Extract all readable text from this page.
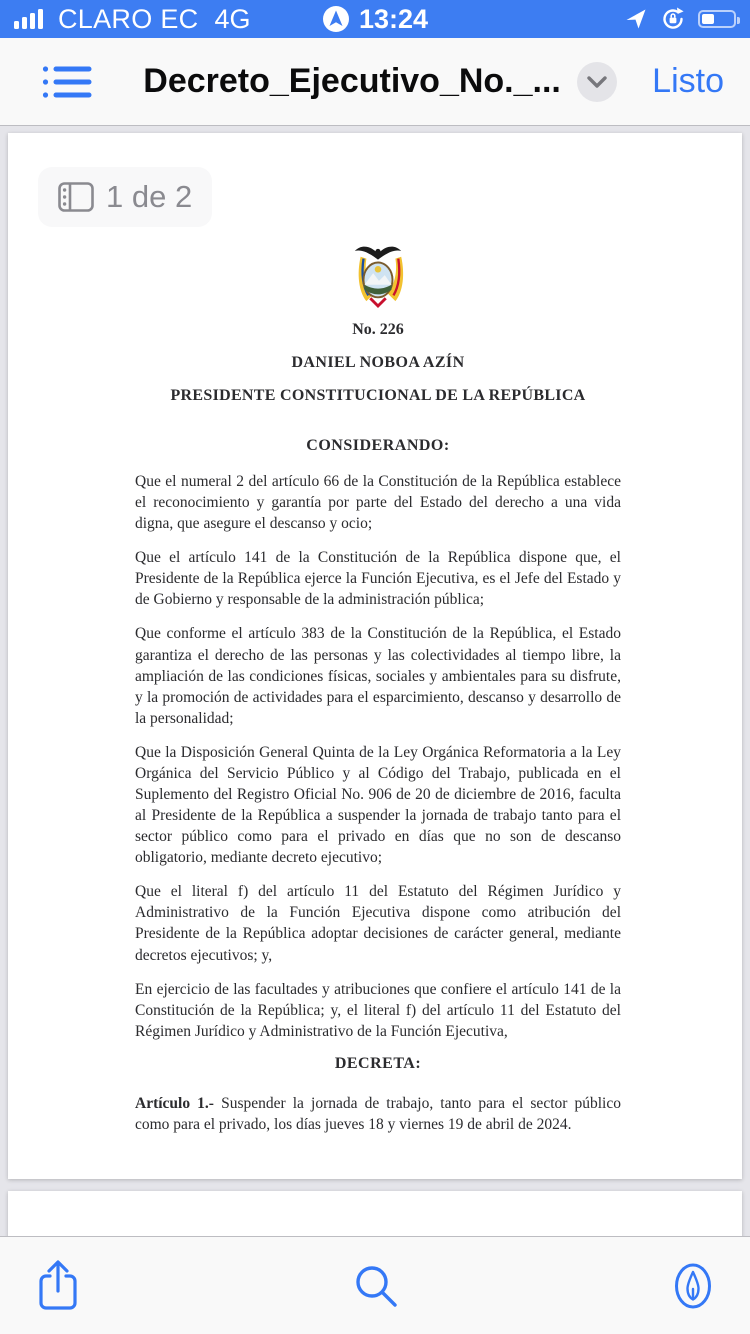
CLARO EC 4G	13:24
Decreto_Ejecutivo_No._...	Listo
1 de 2

No. 226

DANIEL NOBOA AZÍN

PRESIDENTE CONSTITUCIONAL DE LA REPÚBLICA

CONSIDERANDO:

Que el numeral 2 del artículo 66 de la Constitución de la República establece el reconocimiento y garantía por parte del Estado del derecho a una vida digna, que asegure el descanso y ocio;

Que el artículo 141 de la Constitución de la República dispone que, el Presidente de la República ejerce la Función Ejecutiva, es el Jefe del Estado y de Gobierno y responsable de la administración pública;

Que conforme el artículo 383 de la Constitución de la República, el Estado garantiza el derecho de las personas y las colectividades al tiempo libre, la ampliación de las condiciones físicas, sociales y ambientales para su disfrute, y la promoción de actividades para el esparcimiento, descanso y desarrollo de la personalidad;

Que la Disposición General Quinta de la Ley Orgánica Reformatoria a la Ley Orgánica del Servicio Público y al Código del Trabajo, publicada en el Suplemento del Registro Oficial No. 906 de 20 de diciembre de 2016, faculta al Presidente de la República a suspender la jornada de trabajo tanto para el sector público como para el privado en días que no son de descanso obligatorio, mediante decreto ejecutivo;

Que el literal f) del artículo 11 del Estatuto del Régimen Jurídico y Administrativo de la Función Ejecutiva dispone como atribución del Presidente de la República adoptar decisiones de carácter general, mediante decretos ejecutivos; y,

En ejercicio de las facultades y atribuciones que confiere el artículo 141 de la Constitución de la República; y, el literal f) del artículo 11 del Estatuto del Régimen Jurídico y Administrativo de la Función Ejecutiva,

DECRETA:

Artículo 1.- Suspender la jornada de trabajo, tanto para el sector público como para el privado, los días jueves 18 y viernes 19 de abril de 2024.
